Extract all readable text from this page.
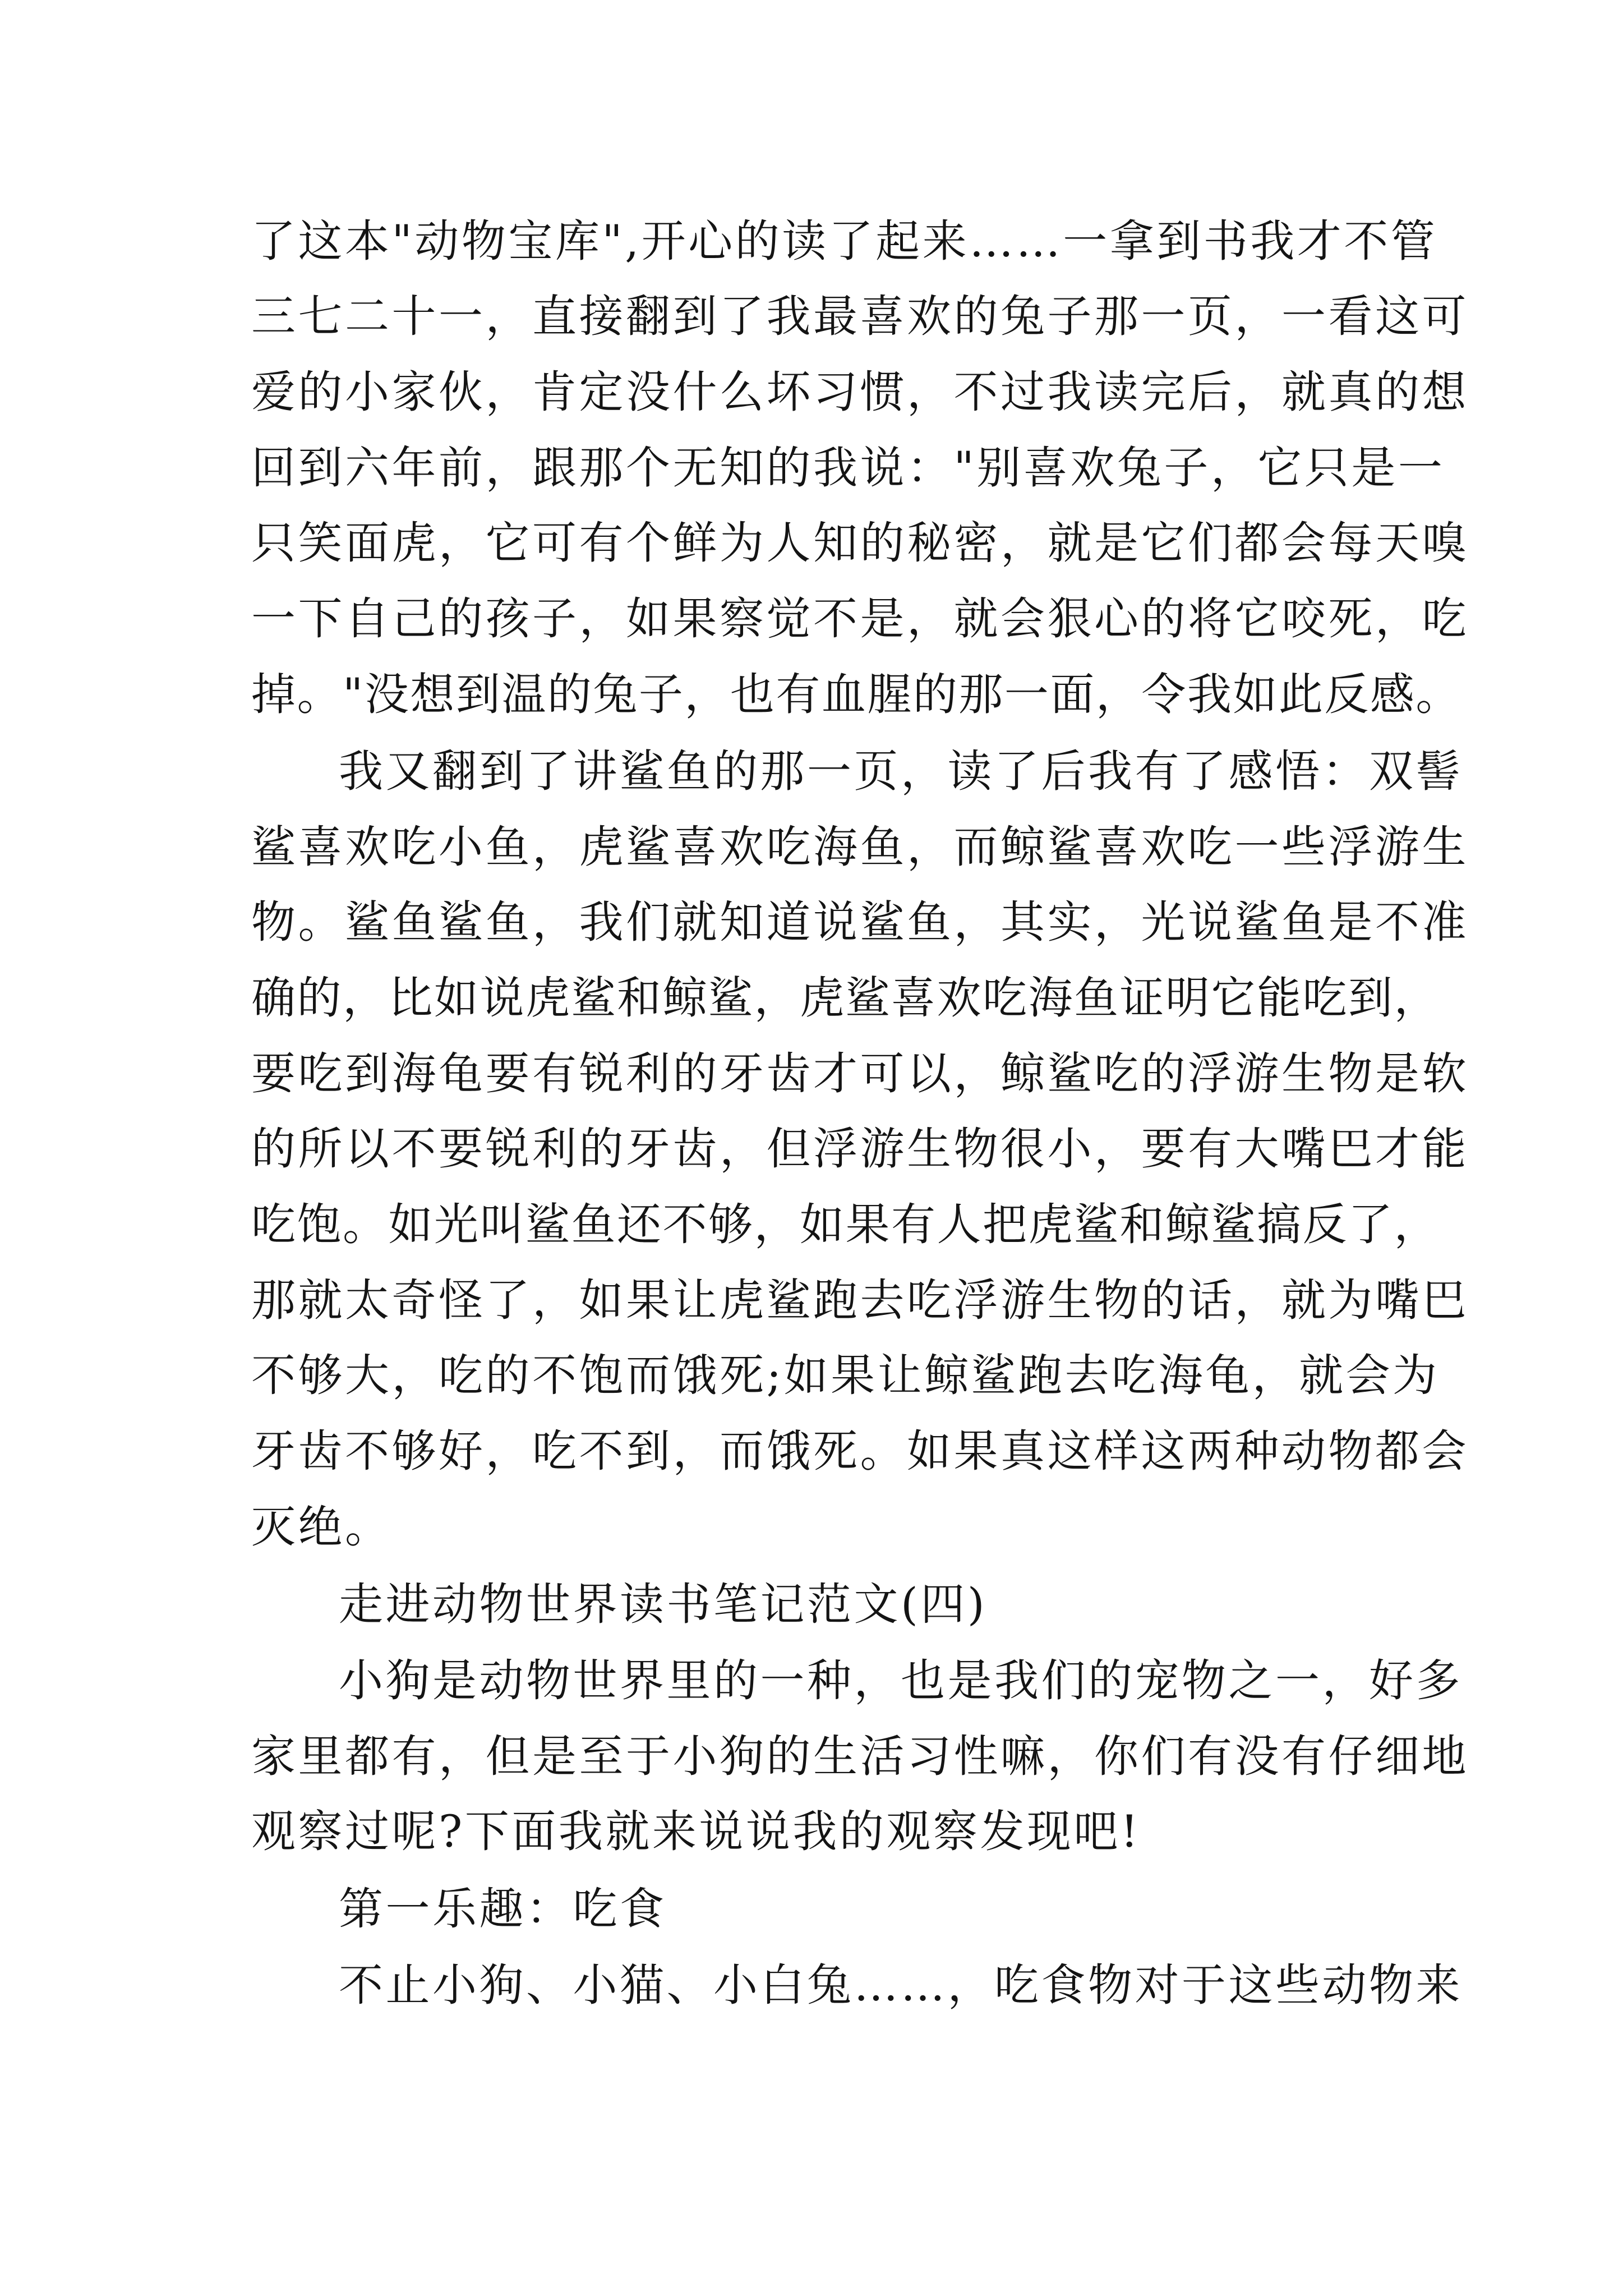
了这本"动物宝库",开心的读了起来……一拿到书我才不管

三七二十一，直接翻到了我最喜欢的兔子那一页，一看这可

爱的小家伙，肯定没什么坏习惯，不过我读完后，就真的想

回到六年前，跟那个无知的我说："别喜欢兔子，它只是一

只笑面虎，它可有个鲜为人知的秘密，就是它们都会每天嗅

一下自己的孩子，如果察觉不是，就会狠心的将它咬死，吃

掉。"没想到温的兔子，也有血腥的那一面，令我如此反感。

我又翻到了讲鲨鱼的那一页，读了后我有了感悟：双髻

鲨喜欢吃小鱼，虎鲨喜欢吃海鱼，而鲸鲨喜欢吃一些浮游生

物。鲨鱼鲨鱼，我们就知道说鲨鱼，其实，光说鲨鱼是不准

确的，比如说虎鲨和鲸鲨，虎鲨喜欢吃海鱼证明它能吃到，

要吃到海龟要有锐利的牙齿才可以，鲸鲨吃的浮游生物是软

的所以不要锐利的牙齿，但浮游生物很小，要有大嘴巴才能

吃饱。如光叫鲨鱼还不够，如果有人把虎鲨和鲸鲨搞反了，

那就太奇怪了，如果让虎鲨跑去吃浮游生物的话，就为嘴巴

不够大，吃的不饱而饿死;如果让鲸鲨跑去吃海龟，就会为

牙齿不够好，吃不到，而饿死。如果真这样这两种动物都会

灭绝。

走进动物世界读书笔记范文(四)

小狗是动物世界里的一种，也是我们的宠物之一，好多

家里都有，但是至于小狗的生活习性嘛，你们有没有仔细地

观察过呢?下面我就来说说我的观察发现吧!

第一乐趣：吃食

不止小狗、小猫、小白兔……，吃食物对于这些动物来
